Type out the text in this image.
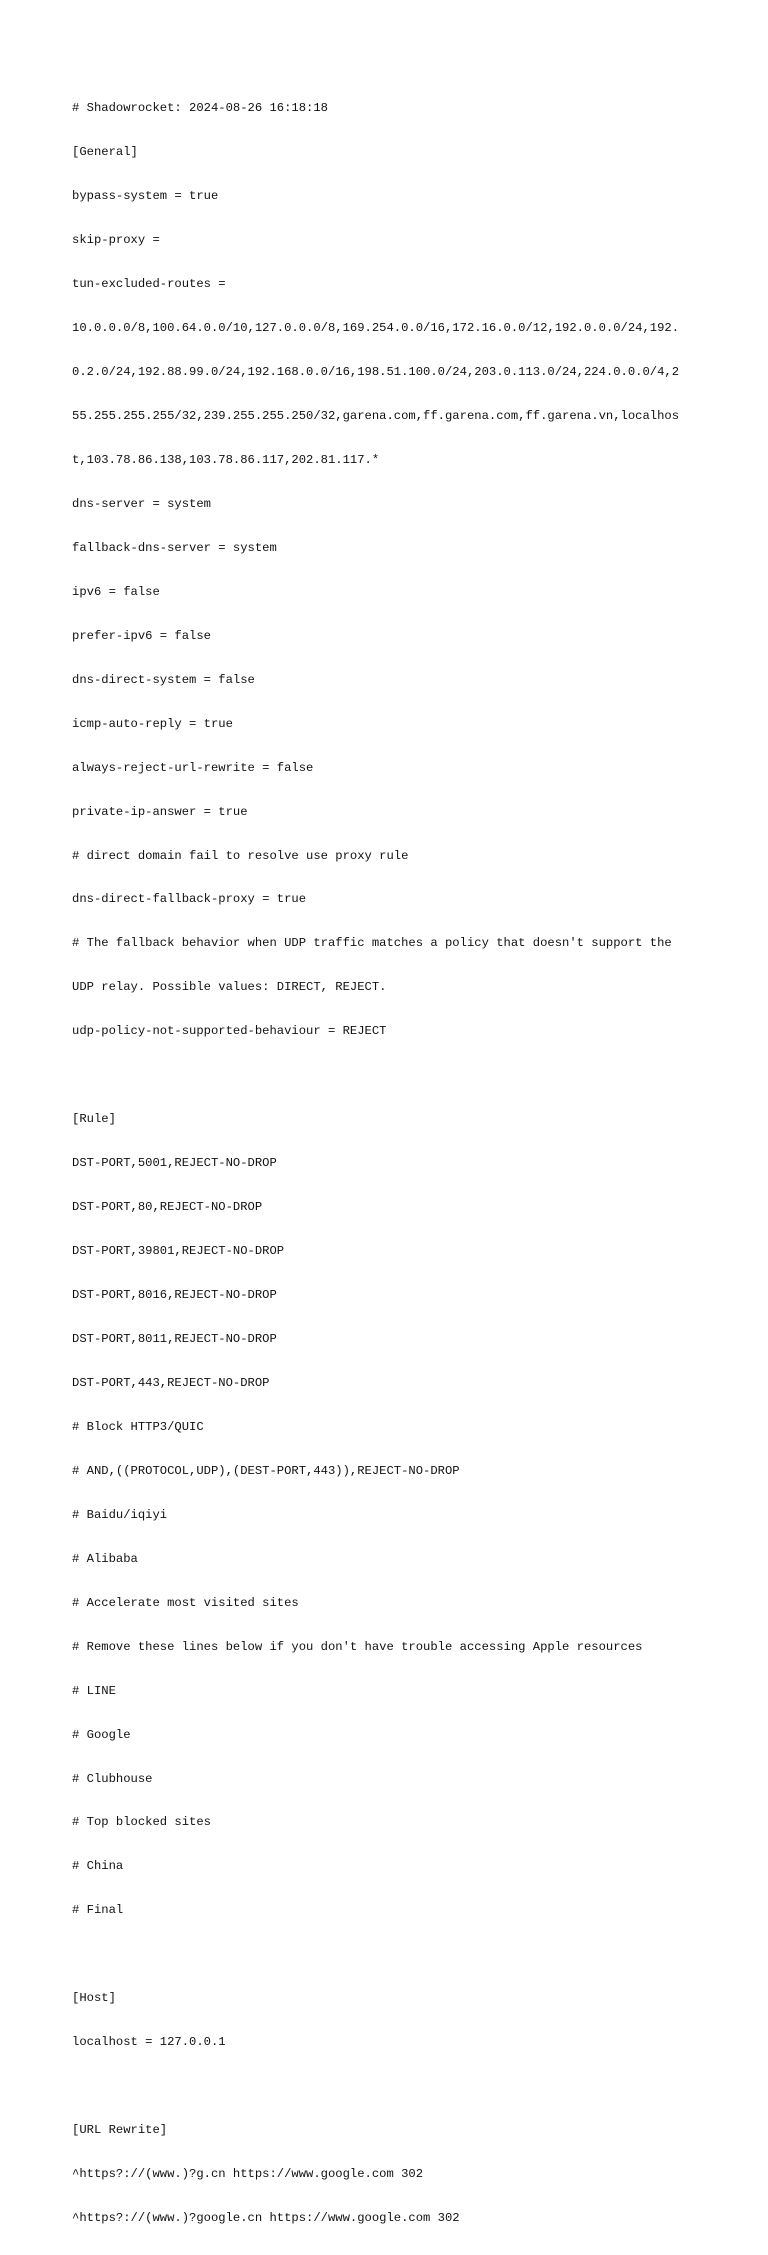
# Shadowrocket: 2024-08-26 16:18:18

[General]

bypass-system = true

skip-proxy =

tun-excluded-routes =

10.0.0.0/8,100.64.0.0/10,127.0.0.0/8,169.254.0.0/16,172.16.0.0/12,192.0.0.0/24,192.

0.2.0/24,192.88.99.0/24,192.168.0.0/16,198.51.100.0/24,203.0.113.0/24,224.0.0.0/4,2

55.255.255.255/32,239.255.255.250/32,garena.com,ff.garena.com,ff.garena.vn,localhos

t,103.78.86.138,103.78.86.117,202.81.117.*

dns-server = system

fallback-dns-server = system

ipv6 = false

prefer-ipv6 = false

dns-direct-system = false

icmp-auto-reply = true

always-reject-url-rewrite = false

private-ip-answer = true

# direct domain fail to resolve use proxy rule

dns-direct-fallback-proxy = true

# The fallback behavior when UDP traffic matches a policy that doesn't support the

UDP relay. Possible values: DIRECT, REJECT.

udp-policy-not-supported-behaviour = REJECT

[Rule]

DST-PORT,5001,REJECT-NO-DROP

DST-PORT,80,REJECT-NO-DROP

DST-PORT,39801,REJECT-NO-DROP

DST-PORT,8016,REJECT-NO-DROP

DST-PORT,8011,REJECT-NO-DROP

DST-PORT,443,REJECT-NO-DROP

# Block HTTP3/QUIC

# AND,((PROTOCOL,UDP),(DEST-PORT,443)),REJECT-NO-DROP

# Baidu/iqiyi

# Alibaba

# Accelerate most visited sites

# Remove these lines below if you don't have trouble accessing Apple resources

# LINE

# Google

# Clubhouse

# Top blocked sites

# China

# Final

[Host]

localhost = 127.0.0.1

[URL Rewrite]

^https?://(www.)?g.cn https://www.google.com 302

^https?://(www.)?google.cn https://www.google.com 302
